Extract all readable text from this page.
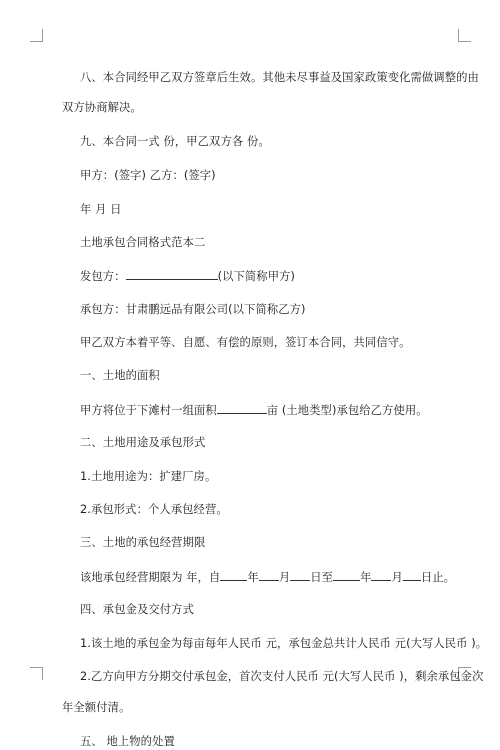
八、本合同经甲乙双方签章后生效。其他未尽事益及国家政策变化需做调整的由
双方协商解决。
九、本合同一式 份，甲乙双方各 份。
甲方：(签字) 乙方：(签字)
年 月 日
土地承包合同格式范本二
发包方：	(以下简称甲方)
承包方：甘肃鹏远品有限公司(以下简称乙方)
甲乙双方本着平等、自愿、有偿的原则，签订本合同，共同信守。
一、土地的面积
甲方将位于下滩村一组面积	亩 (土地类型)承包给乙方使用。
二、土地用途及承包形式
1.土地用途为：扩建厂房。
2.承包形式：个人承包经营。
三、土地的承包经营期限
该地承包经营期限为 年，自 年 月 日至 年 月 日止。
四、承包金及交付方式
1.该土地的承包金为每亩每年人民币 元，承包金总共计人民币 元(大写人民币 )。
2.乙方向甲方分期交付承包金，首次支付人民币 元(大写人民币 )，剩余承包金次
年全额付清。
五、 地上物的处置
